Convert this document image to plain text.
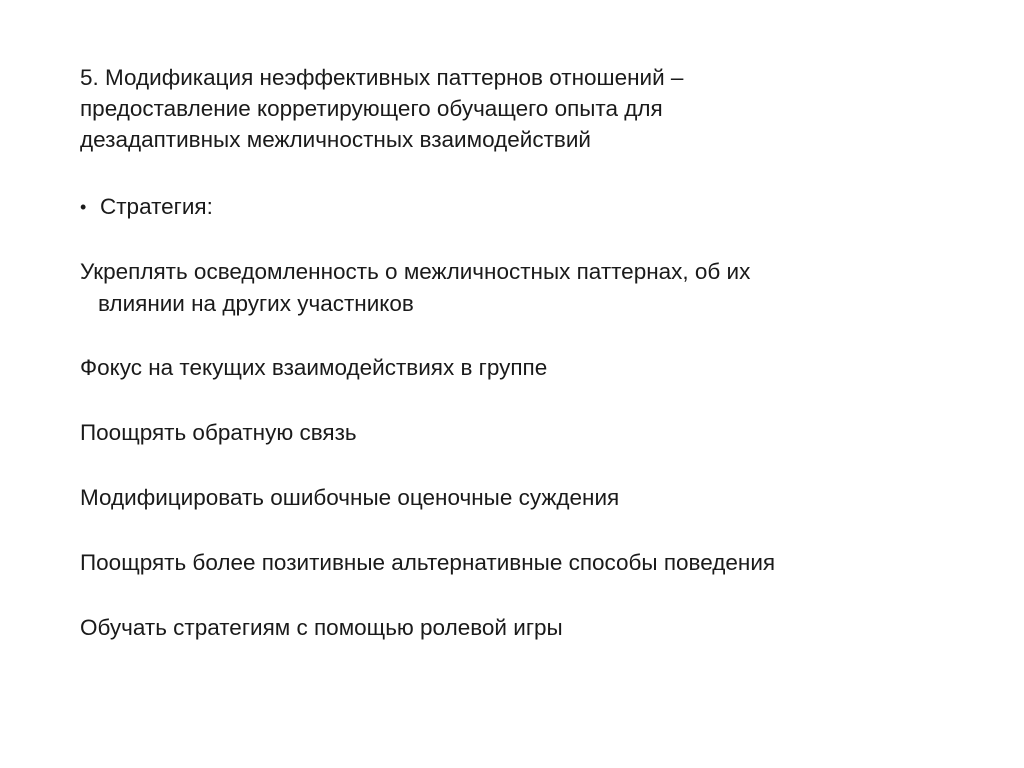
5. Модификация неэффективных паттернов отношений –
предоставление корретирующего обучащего опыта для
дезадаптивных межличностных взаимодействий
• Стратегия:
Укреплять осведомленность о межличностных паттернах, об их
влиянии на других участников
Фокус на текущих взаимодействиях в группе
Поощрять обратную связь
Модифицировать ошибочные оценочные суждения
Поощрять более позитивные альтернативные способы поведения
Обучать стратегиям с помощью ролевой игры
